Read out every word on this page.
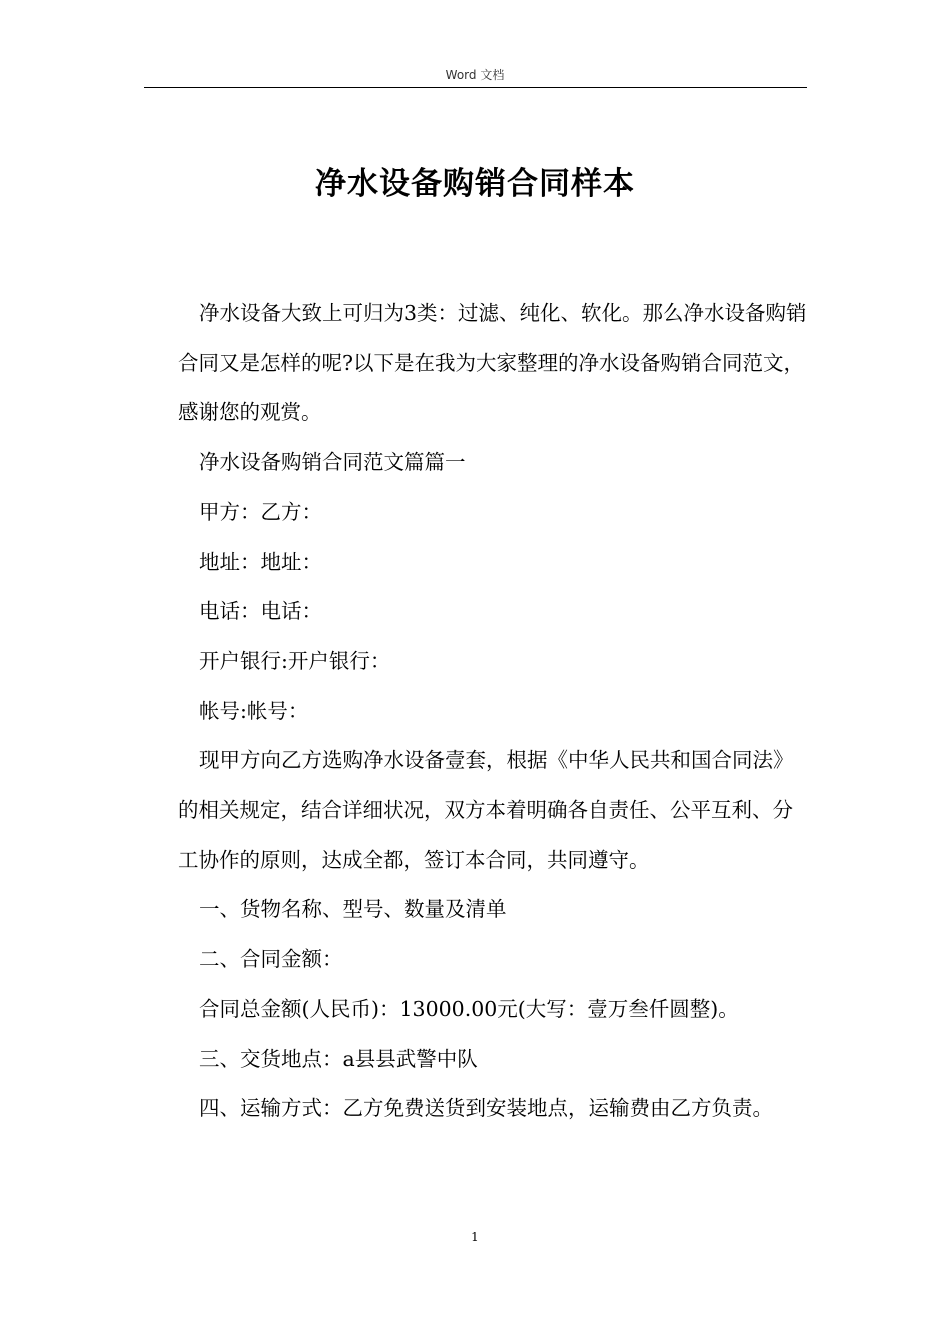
Word 文档
净水设备购销合同样本

净水设备大致上可归为3类：过滤、纯化、软化。那么净水设备购销合同又是怎样的呢?以下是在我为大家整理的净水设备购销合同范文，感谢您的观赏。

净水设备购销合同范文篇篇一

甲方：乙方：

地址：地址：

电话：电话：

开户银行:开户银行：

帐号:帐号：

现甲方向乙方选购净水设备壹套，根据《中华人民共和国合同法》的相关规定，结合详细状况，双方本着明确各自责任、公平互利、分工协作的原则，达成全都，签订本合同，共同遵守。

一、货物名称、型号、数量及清单

二、合同金额：

合同总金额(人民币)：13000.00元(大写：壹万叁仟圆整)。

三、交货地点：a县县武警中队

四、运输方式：乙方免费送货到安装地点，运输费由乙方负责。

1
